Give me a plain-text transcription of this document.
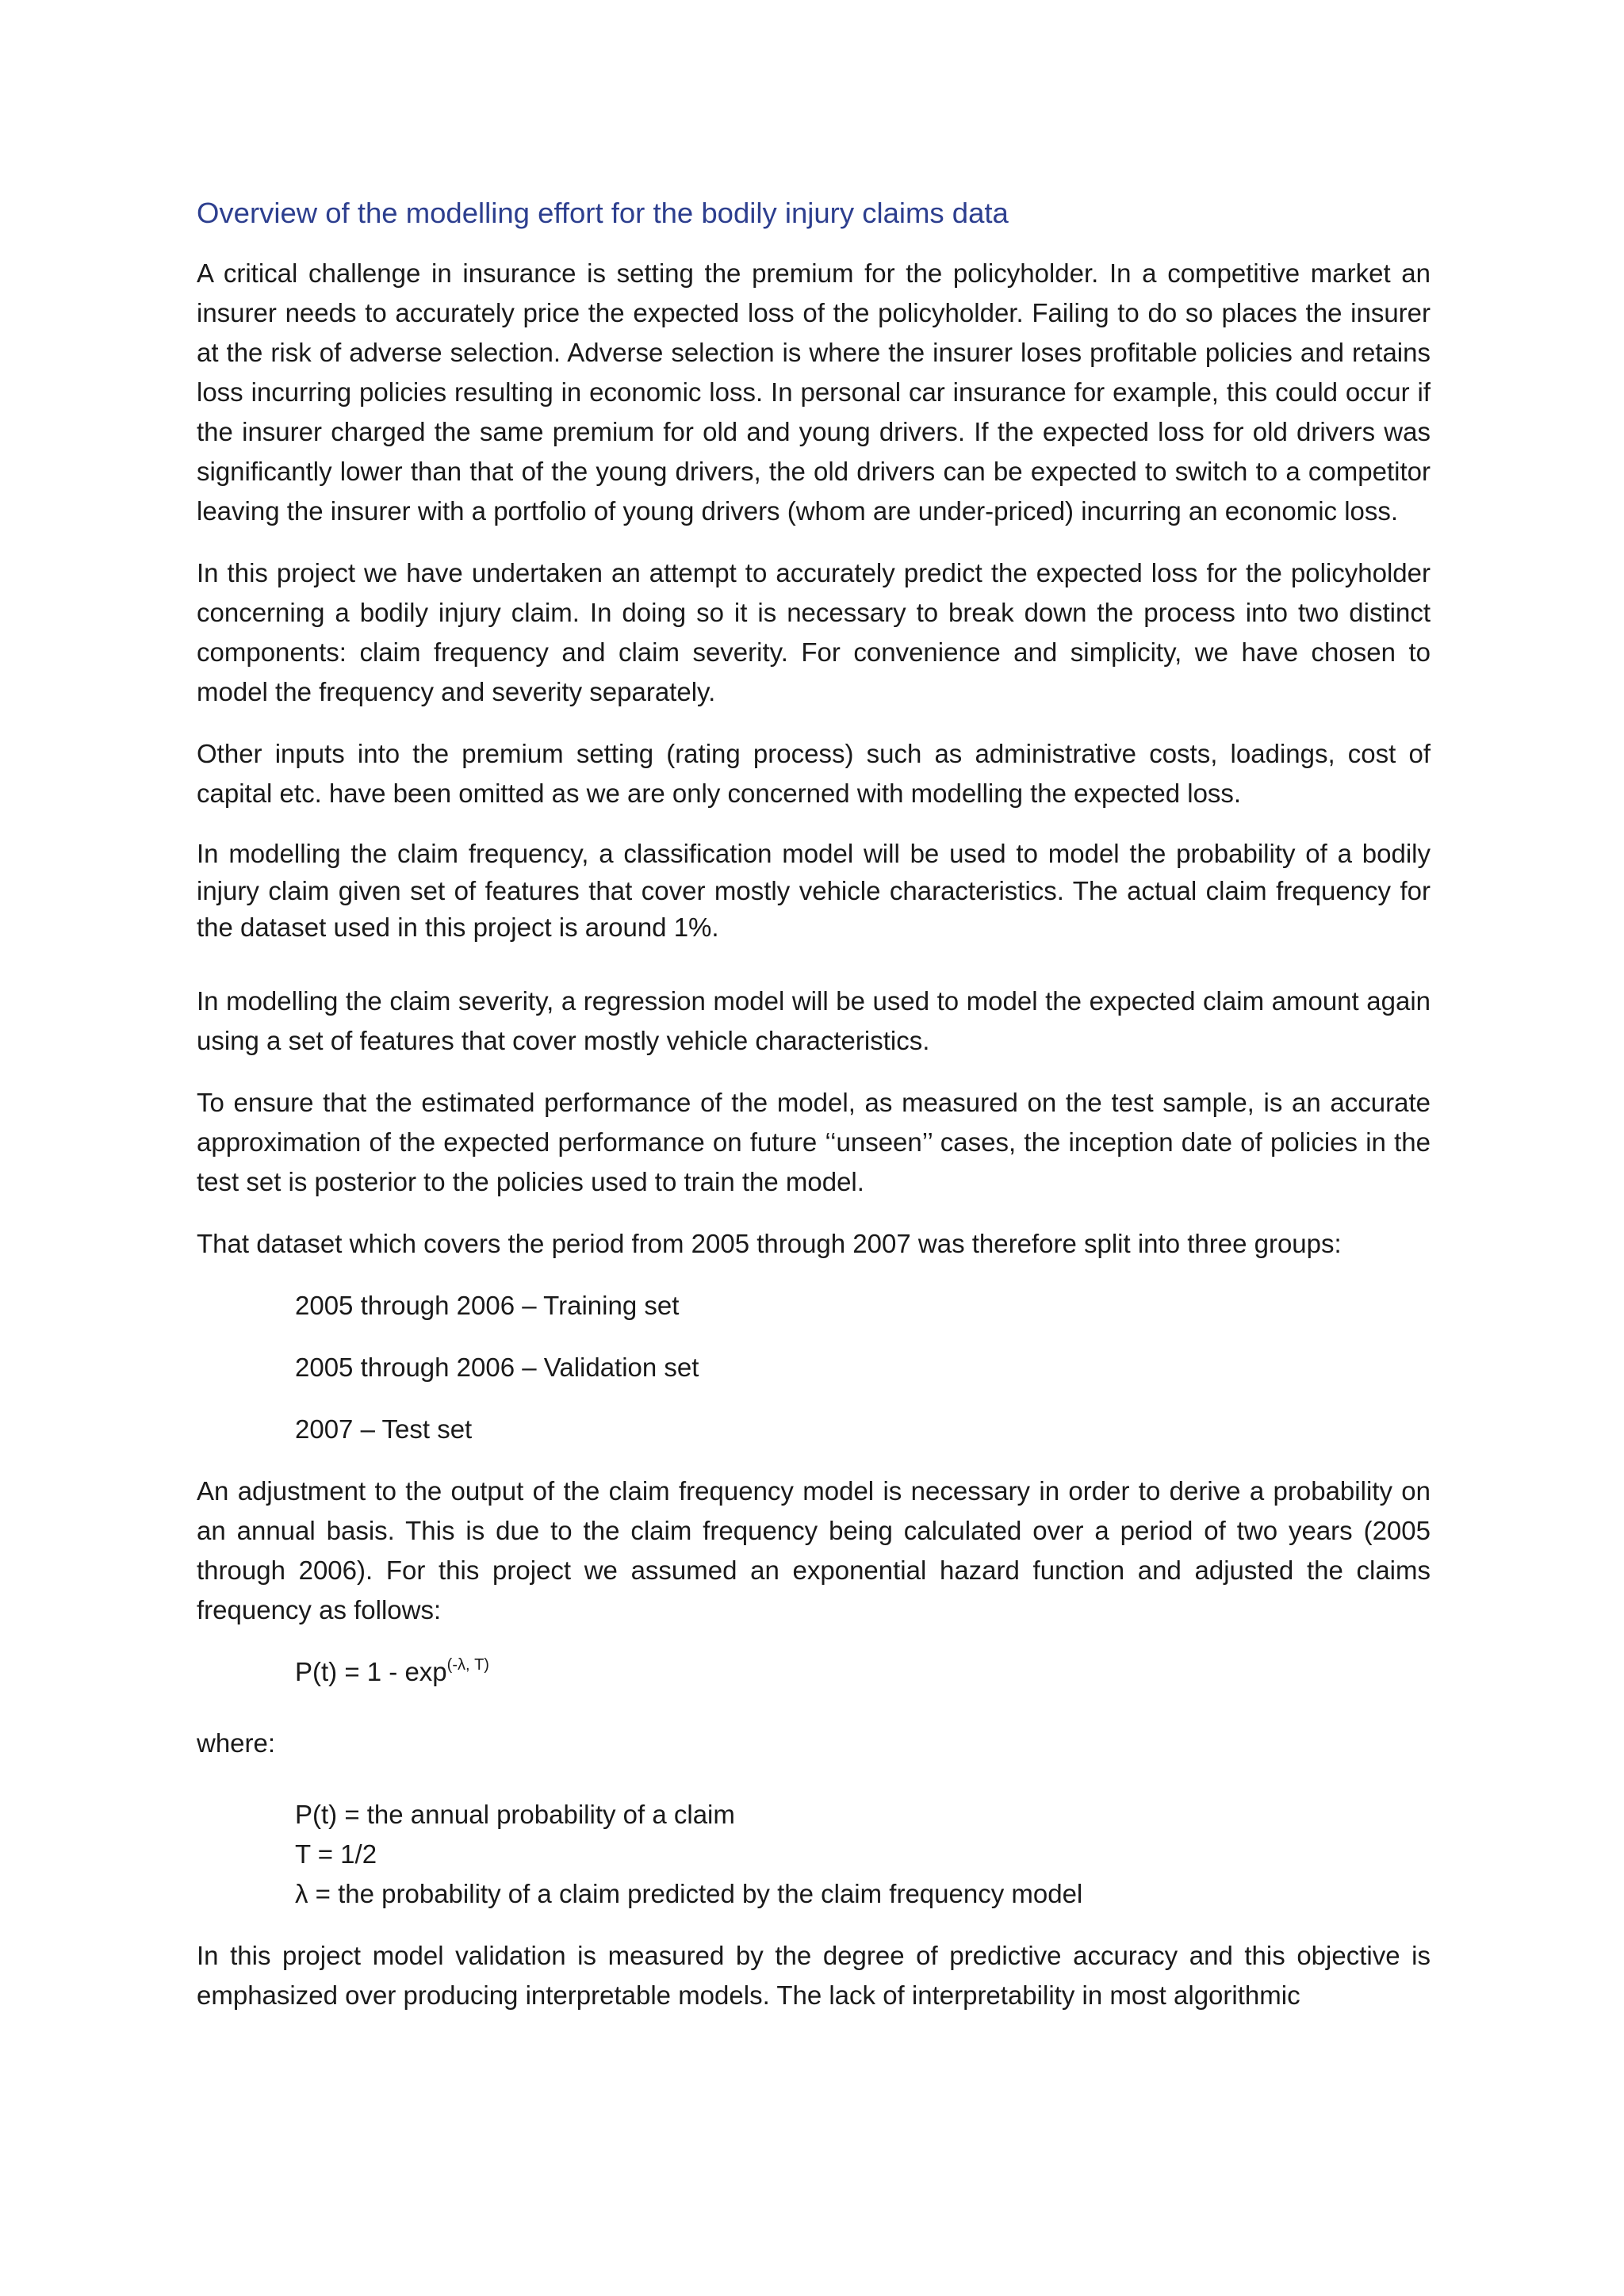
Overview of the modelling effort for the bodily injury claims data

A critical challenge in insurance is setting the premium for the policyholder. In a competitive market an insurer needs to accurately price the expected loss of the policyholder. Failing to do so places the insurer at the risk of adverse selection. Adverse selection is where the insurer loses profitable policies and retains loss incurring policies resulting in economic loss. In personal car insurance for example, this could occur if the insurer charged the same premium for old and young drivers. If the expected loss for old drivers was significantly lower than that of the young drivers, the old drivers can be expected to switch to a competitor leaving the insurer with a portfolio of young drivers (whom are under-priced) incurring an economic loss.

In this project we have undertaken an attempt to accurately predict the expected loss for the policyholder concerning a bodily injury claim. In doing so it is necessary to break down the process into two distinct components: claim frequency and claim severity. For convenience and simplicity, we have chosen to model the frequency and severity separately.

Other inputs into the premium setting (rating process) such as administrative costs, loadings, cost of capital etc. have been omitted as we are only concerned with modelling the expected loss.

In modelling the claim frequency, a classification model will be used to model the probability of a bodily injury claim given set of features that cover mostly vehicle characteristics. The actual claim frequency for the dataset used in this project is around 1%.

In modelling the claim severity, a regression model will be used to model the expected claim amount again using a set of features that cover mostly vehicle characteristics.

To ensure that the estimated performance of the model, as measured on the test sample, is an accurate approximation of the expected performance on future ‘‘unseen’’ cases, the inception date of policies in the test set is posterior to the policies used to train the model.

That dataset which covers the period from 2005 through 2007 was therefore split into three groups:

2005 through 2006 – Training set
2005 through 2006 – Validation set
2007 – Test set

An adjustment to the output of the claim frequency model is necessary in order to derive a probability on an annual basis. This is due to the claim frequency being calculated over a period of two years (2005 through 2006). For this project we assumed an exponential hazard function and adjusted the claims frequency as follows:

$P(t) = 1 - \exp^{(-\lambda, T)}$
where:
P(t) = the annual probability of a claim
T = 1/2
λ = the probability of a claim predicted by the claim frequency model

In this project model validation is measured by the degree of predictive accuracy and this objective is emphasized over producing interpretable models. The lack of interpretability in most algorithmic
